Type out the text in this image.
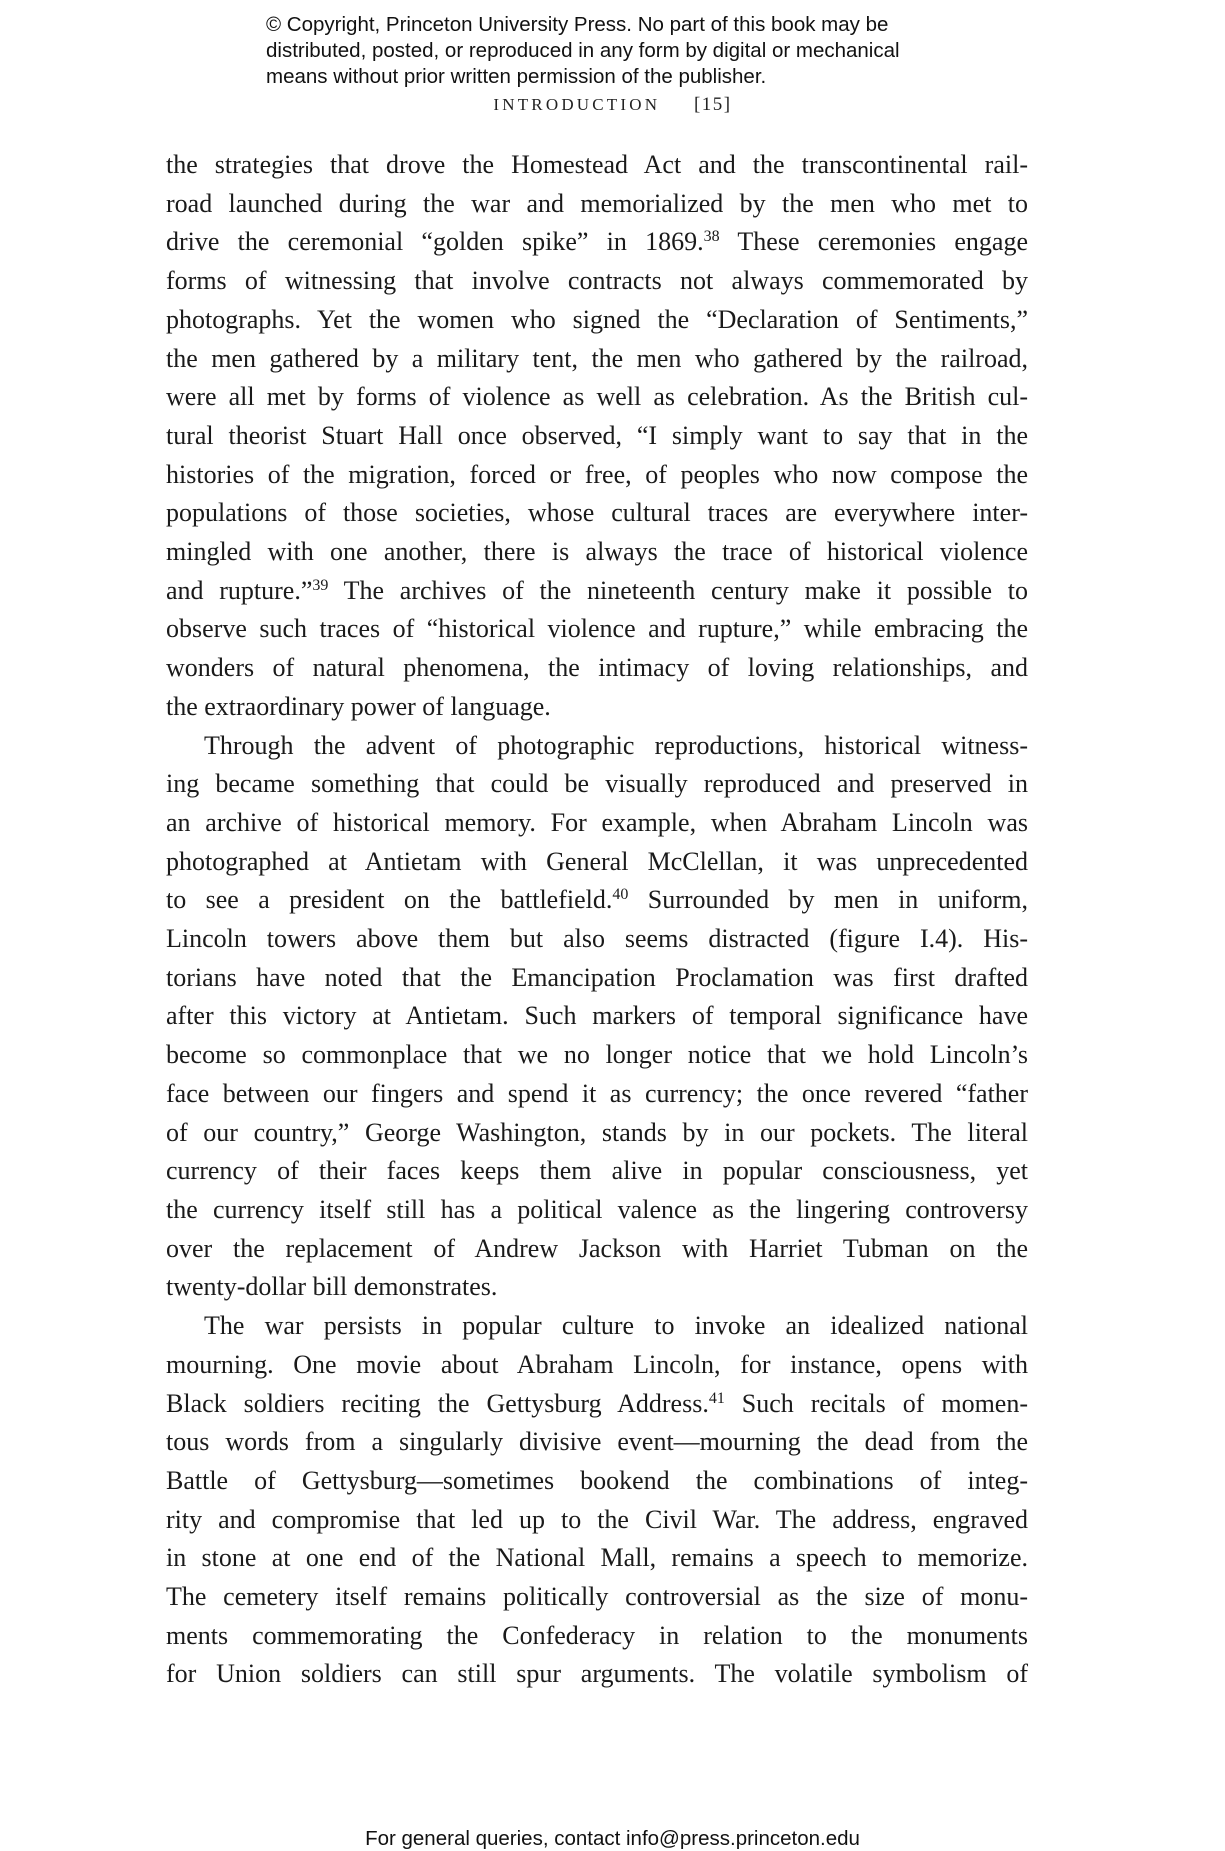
© Copyright, Princeton University Press. No part of this book may be
distributed, posted, or reproduced in any form by digital or mechanical
means without prior written permission of the publisher.
INTRODUCTION [15]

the strategies that drove the Homestead Act and the transcontinental rail-
road launched during the war and memorialized by the men who met to
drive the ceremonial “golden spike” in 1869.38 These ceremonies engage
forms of witnessing that involve contracts not always commemorated by
photographs. Yet the women who signed the “Declaration of Sentiments,”
the men gathered by a military tent, the men who gathered by the railroad,
were all met by forms of violence as well as celebration. As the British cul-
tural theorist Stuart Hall once observed, “I simply want to say that in the
histories of the migration, forced or free, of peoples who now compose the
populations of those societies, whose cultural traces are everywhere inter-
mingled with one another, there is always the trace of historical violence
and rupture.”$^{39}$ The archives of the nineteenth century make it possible to
observe such traces of “historical violence and rupture,” while embracing the
wonders of natural phenomena, the intimacy of loving relationships, and
the extraordinary power of language.

Through the advent of photographic reproductions, historical witness-
ing became something that could be visually reproduced and preserved in
an archive of historical memory. For example, when Abraham Lincoln was
photographed at Antietam with General McClellan, it was unprecedented
to see a president on the battlefield.$^{40}$ Surrounded by men in uniform,
Lincoln towers above them but also seems distracted (figure I.4). His-
torians have noted that the Emancipation Proclamation was first drafted
after this victory at Antietam. Such markers of temporal significance have
become so commonplace that we no longer notice that we hold Lincoln’s
face between our fingers and spend it as currency; the once revered “father
of our country,” George Washington, stands by in our pockets. The literal
currency of their faces keeps them alive in popular consciousness, yet
the currency itself still has a political valence as the lingering controversy
over the replacement of Andrew Jackson with Harriet Tubman on the
twenty-dollar bill demonstrates.

The war persists in popular culture to invoke an idealized national
mourning. One movie about Abraham Lincoln, for instance, opens with
Black soldiers reciting the Gettysburg Address.$^{41}$ Such recitals of momen-
tous words from a singularly divisive event—mourning the dead from the
Battle of Gettysburg—sometimes bookend the combinations of integ-
rity and compromise that led up to the Civil War. The address, engraved
in stone at one end of the National Mall, remains a speech to memorize.
The cemetery itself remains politically controversial as the size of monu-
ments commemorating the Confederacy in relation to the monuments
for Union soldiers can still spur arguments. The volatile symbolism of

For general queries, contact info@press.princeton.edu
